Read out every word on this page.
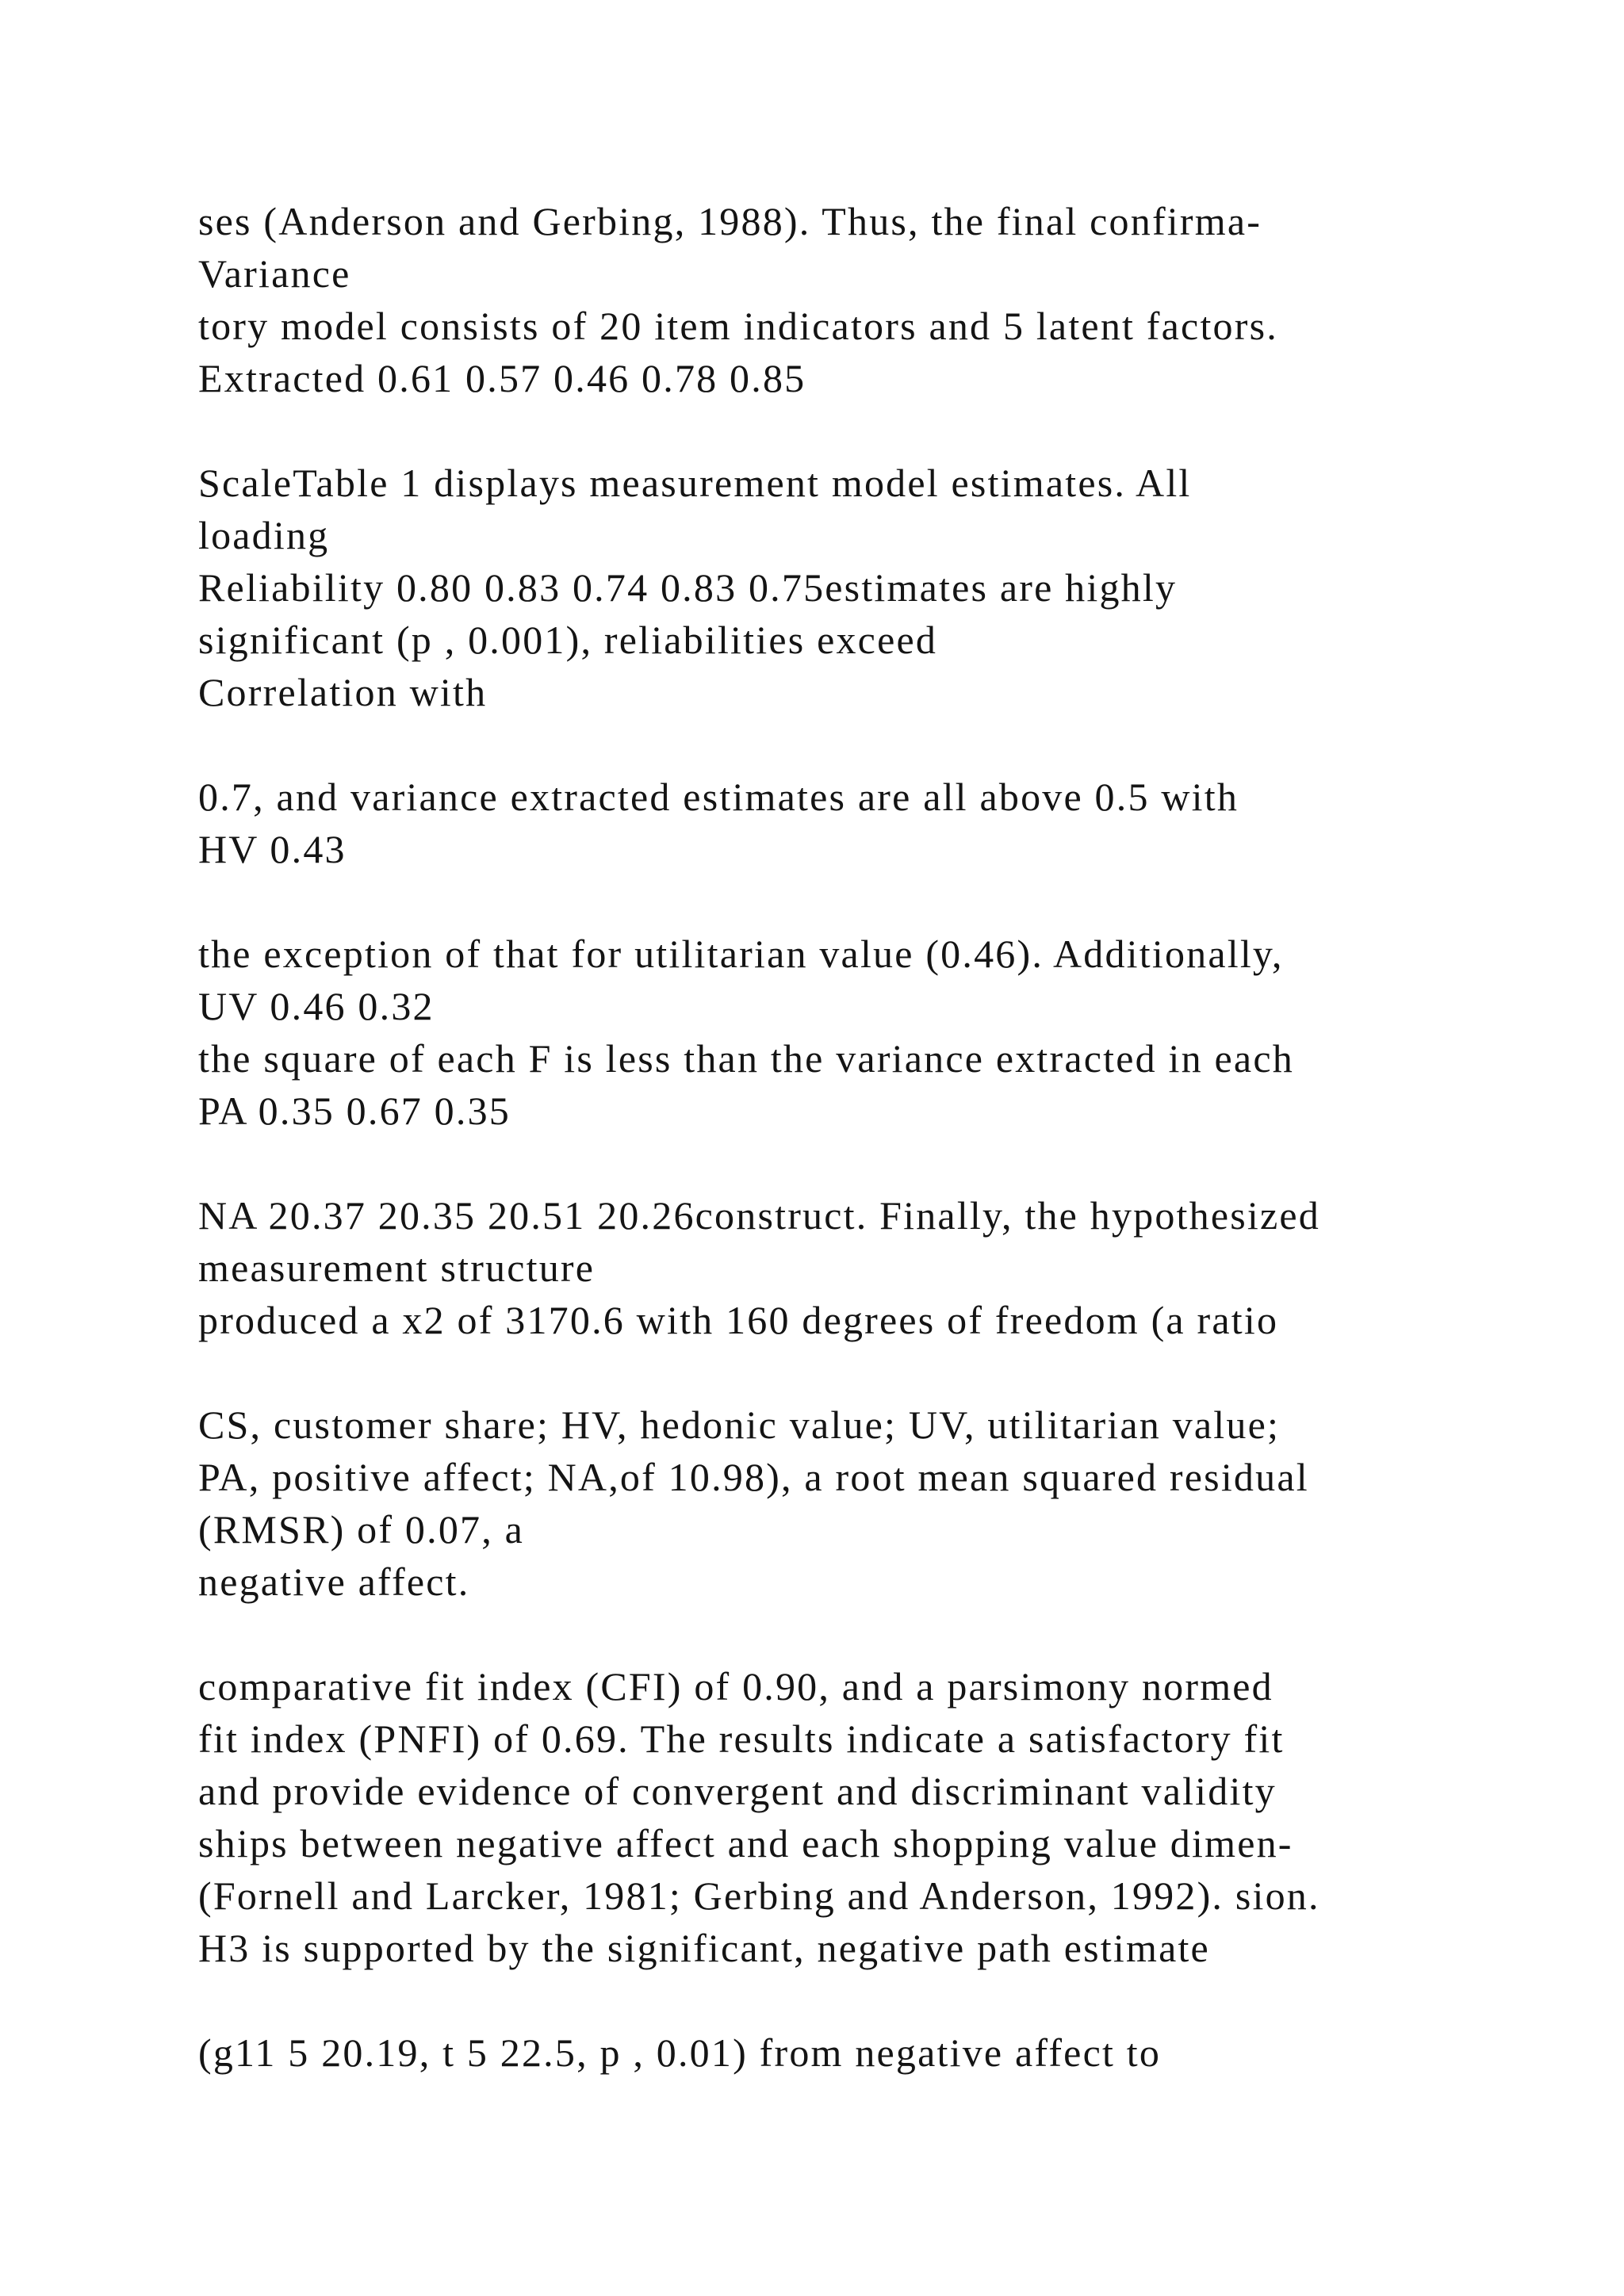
ses (Anderson and Gerbing, 1988). Thus, the final confirma-
Variance
tory model consists of 20 item indicators and 5 latent factors.
Extracted 0.61 0.57 0.46 0.78 0.85
ScaleTable 1 displays measurement model estimates. All
loading
Reliability 0.80 0.83 0.74 0.83 0.75estimates are highly
significant (p , 0.001), reliabilities exceed
Correlation with
0.7, and variance extracted estimates are all above 0.5 with
HV 0.43
the exception of that for utilitarian value (0.46). Additionally,
UV 0.46 0.32
the square of each F is less than the variance extracted in each
PA 0.35 0.67 0.35
NA 20.37 20.35 20.51 20.26construct. Finally, the hypothesized
measurement structure
produced a x2 of 3170.6 with 160 degrees of freedom (a ratio
CS, customer share; HV, hedonic value; UV, utilitarian value;
PA, positive affect; NA,of 10.98), a root mean squared residual
(RMSR) of 0.07, a
negative affect.
comparative fit index (CFI) of 0.90, and a parsimony normed
fit index (PNFI) of 0.69. The results indicate a satisfactory fit
and provide evidence of convergent and discriminant validity
ships between negative affect and each shopping value dimen-
(Fornell and Larcker, 1981; Gerbing and Anderson, 1992). sion.
H3 is supported by the significant, negative path estimate
(g11 5 20.19, t 5 22.5, p , 0.01) from negative affect to
